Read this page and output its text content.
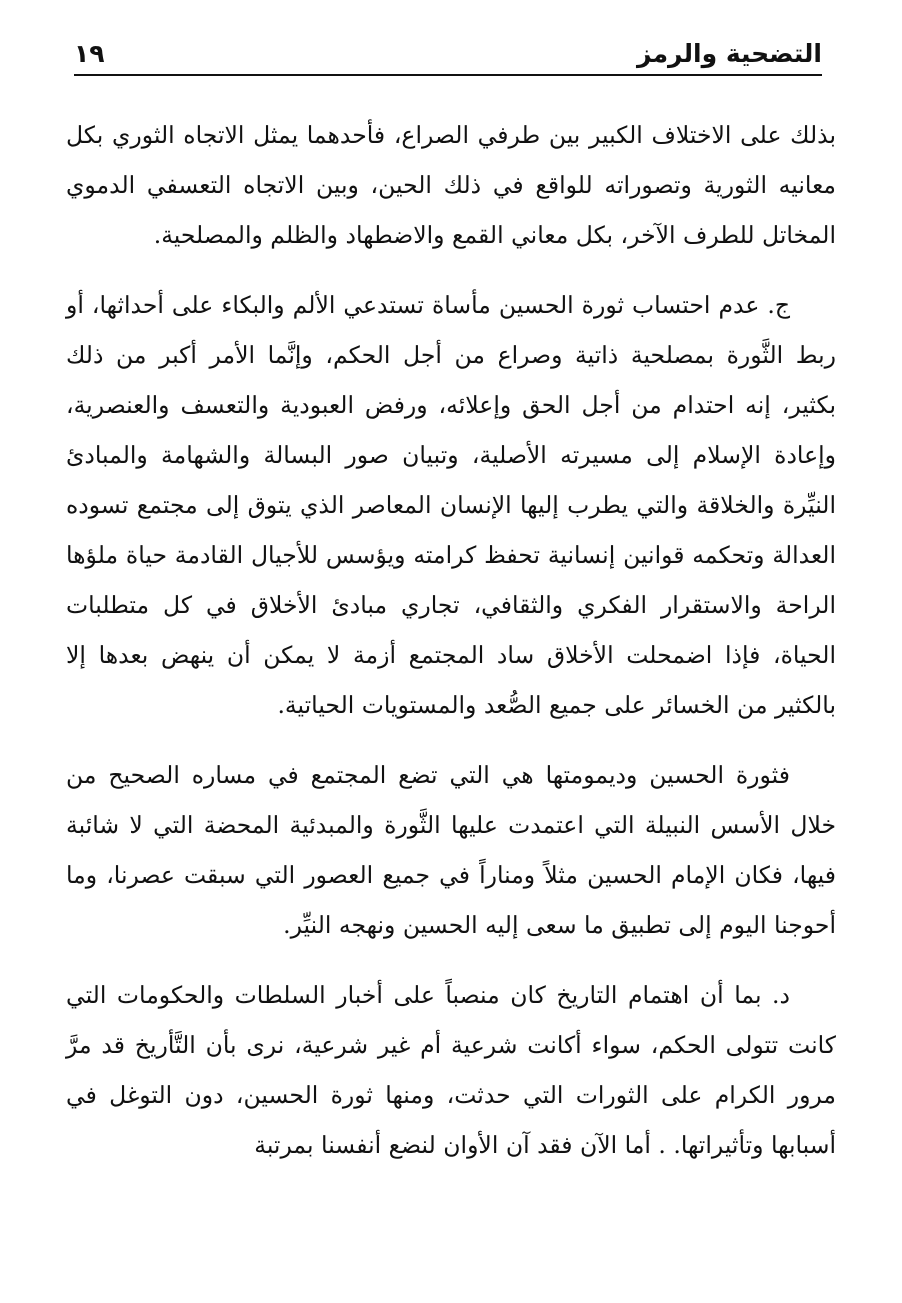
التضحية والرمز
١٩

بذلك على الاختلاف الكبير بين طرفي الصراع، فأحدهما يمثل الاتجاه الثوري بكل معانيه الثورية وتصوراته للواقع في ذلك الحين، وبين الاتجاه التعسفي الدموي المخاتل للطرف الآخر، بكل معاني القمع والاضطهاد والظلم والمصلحية.

ج. عدم احتساب ثورة الحسين مأساة تستدعي الألم والبكاء على أحداثها، أو ربط الثَّورة بمصلحية ذاتية وصراع من أجل الحكم، وإنَّما الأمر أكبر من ذلك بكثير، إنه احتدام من أجل الحق وإعلائه، ورفض العبودية والتعسف والعنصرية، وإعادة الإسلام إلى مسيرته الأصلية، وتبيان صور البسالة والشهامة والمبادئ النيِّرة والخلاقة والتي يطرب إليها الإنسان المعاصر الذي يتوق إلى مجتمع تسوده العدالة وتحكمه قوانين إنسانية تحفظ كرامته ويؤسس للأجيال القادمة حياة ملؤها الراحة والاستقرار الفكري والثقافي، تجاري مبادئ الأخلاق في كل متطلبات الحياة، فإذا اضمحلت الأخلاق ساد المجتمع أزمة لا يمكن أن ينهض بعدها إلا بالكثير من الخسائر على جميع الصُّعد والمستويات الحياتية.

فثورة الحسين وديمومتها هي التي تضع المجتمع في مساره الصحيح من خلال الأسس النبيلة التي اعتمدت عليها الثَّورة والمبدئية المحضة التي لا شائبة فيها، فكان الإمام الحسين مثلاً ومناراً في جميع العصور التي سبقت عصرنا، وما أحوجنا اليوم إلى تطبيق ما سعى إليه الحسين ونهجه النيِّر.

د. بما أن اهتمام التاريخ كان منصباً على أخبار السلطات والحكومات التي كانت تتولى الحكم، سواء أكانت شرعية أم غير شرعية، نرى بأن التَّأريخ قد مرَّ مرور الكرام على الثورات التي حدثت، ومنها ثورة الحسين، دون التوغل في أسبابها وتأثيراتها. . أما الآن فقد آن الأوان لنضع أنفسنا بمرتبة
